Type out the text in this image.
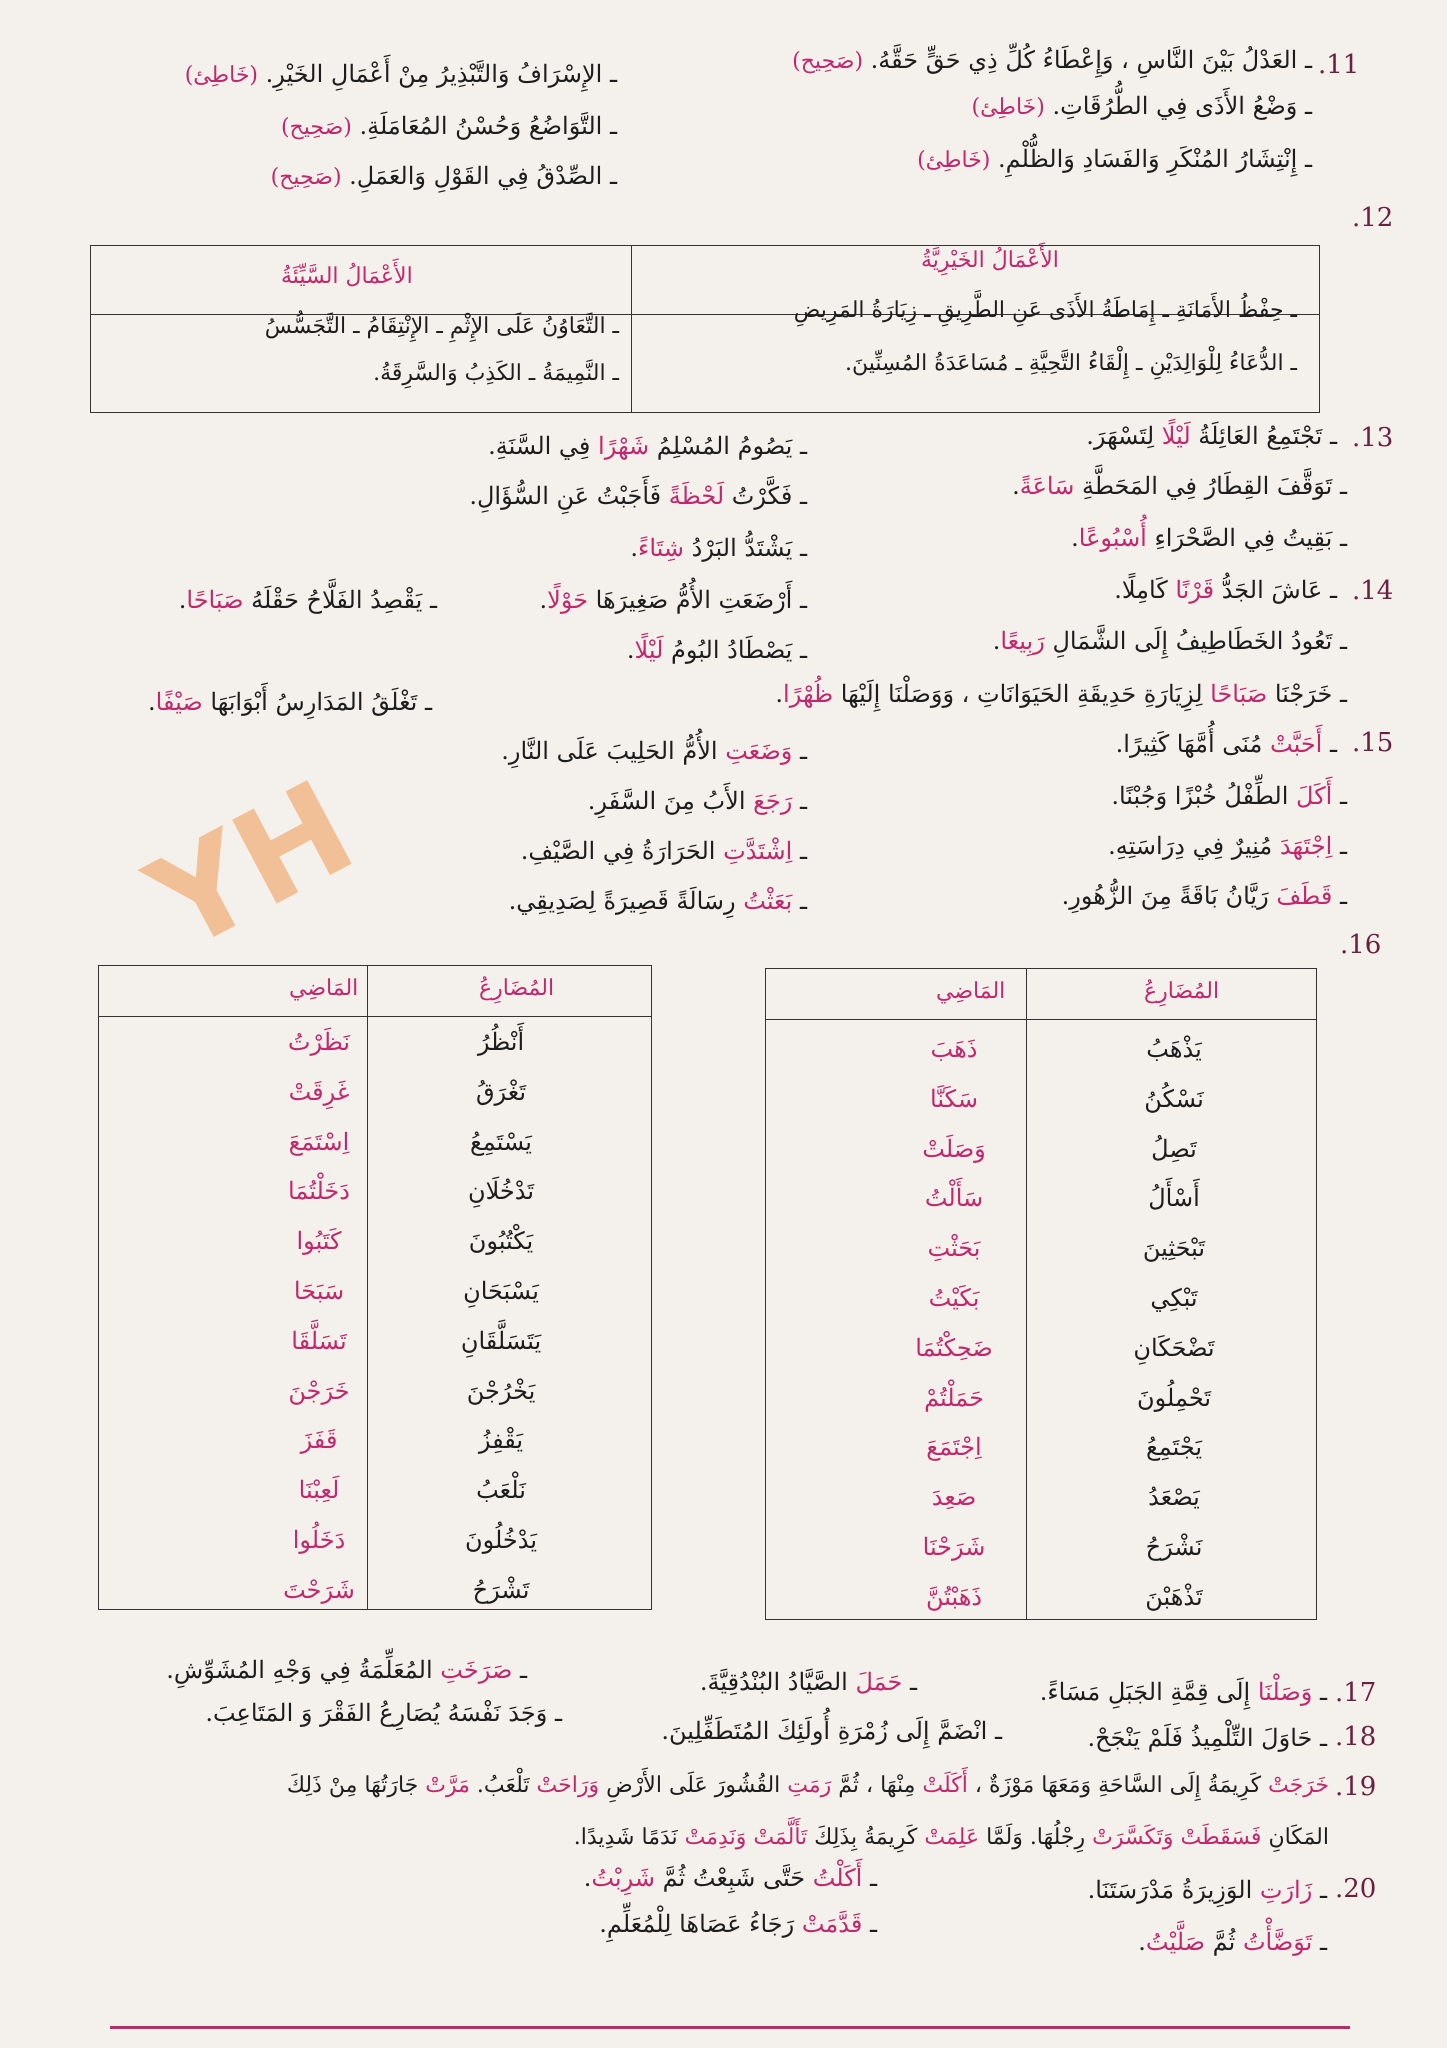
YH
.11
ـ العَدْلُ بَيْنَ النَّاسِ ، وَإِعْطَاءُ كُلِّ ذِي حَقٍّ حَقَّهُ. (صَحِيح)
ـ وَضْعُ الأَذَى فِي الطُّرُقَاتِ. (خَاطِئ)
ـ إِنْتِشَارُ المُنْكَرِ وَالفَسَادِ وَالظُّلْمِ. (خَاطِئ)
ـ الإِسْرَافُ وَالتَّبْذِيرُ مِنْ أَعْمَالِ الخَيْرِ. (خَاطِئ)
ـ التَّوَاضُعُ وَحُسْنُ المُعَامَلَةِ. (صَحِيح)
ـ الصِّدْقُ فِي القَوْلِ وَالعَمَلِ. (صَحِيح)
.12
الأَعْمَالُ الخَيْرِيَّةُ
الأَعْمَالُ السَّيِّئَةُ
ـ حِفْظُ الأَمَانَةِ ـ إِمَاطَةُ الأَذَى عَنِ الطَّرِيقِ ـ زِيَارَةُ المَرِيضِ
ـ الدُّعَاءُ لِلْوَالِدَيْنِ ـ إِلْقَاءُ التَّحِيَّةِ ـ مُسَاعَدَةُ المُسِنِّينَ.
ـ التَّعَاوُنُ عَلَى الإِثْمِ ـ الإِنْتِقَامُ ـ التَّجَسُّسُ
ـ النَّمِيمَةُ ـ الكَذِبُ وَالسَّرِقَةُ.
.13
ـ تَجْتَمِعُ العَائِلَةُ لَيْلًا لِتَسْهَرَ.
ـ تَوَقَّفَ القِطَارُ فِي المَحَطَّةِ سَاعَةً.
ـ بَقِيتُ فِي الصَّحْرَاءِ أُسْبُوعًا.
ـ يَصُومُ المُسْلِمُ شَهْرًا فِي السَّنَةِ.
ـ فَكَّرْتُ لَحْظَةً فَأَجَبْتُ عَنِ السُّؤَالِ.
ـ يَشْتَدُّ البَرْدُ شِتَاءً.
.14
ـ عَاشَ الجَدُّ قَرْنًا كَامِلًا.
ـ تَعُودُ الخَطَاطِيفُ إِلَى الشَّمَالِ رَبِيعًا.
ـ خَرَجْنَا صَبَاحًا لِزِيَارَةِ حَدِيقَةِ الحَيَوَانَاتِ ، وَوَصَلْنَا إِلَيْهَا ظُهْرًا.
ـ أَرْضَعَتِ الأُمُّ صَغِيرَهَا حَوْلًا.
ـ يَصْطَادُ البُومُ لَيْلًا.
ـ تَغْلَقُ المَدَارِسُ أَبْوَابَهَا صَيْفًا.
ـ يَقْصِدُ الفَلَّاحُ حَقْلَهُ صَبَاحًا.
.15
ـ أَحَبَّتْ مُنَى أُمَّهَا كَثِيرًا.
ـ أَكَلَ الطِّفْلُ خُبْزًا وَجُبْنًا.
ـ اِجْتَهَدَ مُنِيرٌ فِي دِرَاسَتِهِ.
ـ قَطَفَ رَيَّانُ بَاقَةً مِنَ الزُّهُورِ.
ـ وَضَعَتِ الأُمُّ الحَلِيبَ عَلَى النَّارِ.
ـ رَجَعَ الأَبُ مِنَ السَّفَرِ.
ـ اِشْتَدَّتِ الحَرَارَةُ فِي الصَّيْفِ.
ـ بَعَثْتُ رِسَالَةً قَصِيرَةً لِصَدِيقِي.
.16
المُضَارِعُ
المَاضِي
يَذْهَبُ
نَسْكُنُ
تَصِلُ
أَسْأَلُ
تَبْحَثِينَ
تَبْكِي
تَضْحَكَانِ
تَحْمِلُونَ
يَجْتَمِعُ
يَصْعَدُ
نَشْرَحُ
تَذْهَبْنَ
ذَهَبَ
سَكَنَّا
وَصَلَتْ
سَأَلْتُ
بَحَثْتِ
بَكَيْتُ
ضَحِكْتُمَا
حَمَلْتُمْ
اِجْتَمَعَ
صَعِدَ
شَرَحْنَا
ذَهَبْتُنَّ
المُضَارِعُ
المَاضِي
أَنْظُرُ
تَغْرَقُ
يَسْتَمِعُ
تَدْخُلَانِ
يَكْتُبُونَ
يَسْبَحَانِ
يَتَسَلَّقَانِ
يَخْرُجْنَ
يَقْفِزُ
نَلْعَبُ
يَدْخُلُونَ
تَشْرَحُ
نَظَرْتُ
غَرِقَتْ
اِسْتَمَعَ
دَخَلْتُمَا
كَتَبُوا
سَبَحَا
تَسَلَّقَا
خَرَجْنَ
قَفَزَ
لَعِبْنَا
دَخَلُوا
شَرَحْتَ
.17
ـ وَصَلْنَا إِلَى قِمَّةِ الجَبَلِ مَسَاءً.
ـ حَمَلَ الصَّيَّادُ البُنْدُقِيَّةَ.
ـ صَرَخَتِ المُعَلِّمَةُ فِي وَجْهِ المُشَوِّشِ.
.18
ـ حَاوَلَ التِّلْمِيذُ فَلَمْ يَنْجَحْ.
ـ انْضَمَّ إِلَى زُمْرَةِ أُولَئِكَ المُتَطَفِّلِينَ.
ـ وَجَدَ نَفْسَهُ يُصَارِعُ الفَقْرَ وَ المَتَاعِبَ.
.19
خَرَجَتْ كَرِيمَةُ إِلَى السَّاحَةِ وَمَعَهَا مَوْزَةٌ ، أَكَلَتْ مِنْهَا ، ثُمَّ رَمَتِ القُشُورَ عَلَى الأَرْضِ وَرَاحَتْ تَلْعَبُ. مَرَّتْ جَارَتُهَا مِنْ ذَلِكَ
المَكَانِ فَسَقَطَتْ وَتَكَسَّرَتْ رِجْلُهَا. وَلَمَّا عَلِمَتْ كَرِيمَةُ بِذَلِكَ تَأَلَّمَتْ وَنَدِمَتْ نَدَمًا شَدِيدًا.
.20
ـ زَارَتِ الوَزِيرَةُ مَدْرَسَتَنَا.
ـ تَوَضَّأْتُ ثُمَّ صَلَّيْتُ.
ـ أَكَلْتُ حَتَّى شَبِعْتُ ثُمَّ شَرِبْتُ.
ـ قَدَّمَتْ رَجَاءُ عَصَاهَا لِلْمُعَلِّمِ.
